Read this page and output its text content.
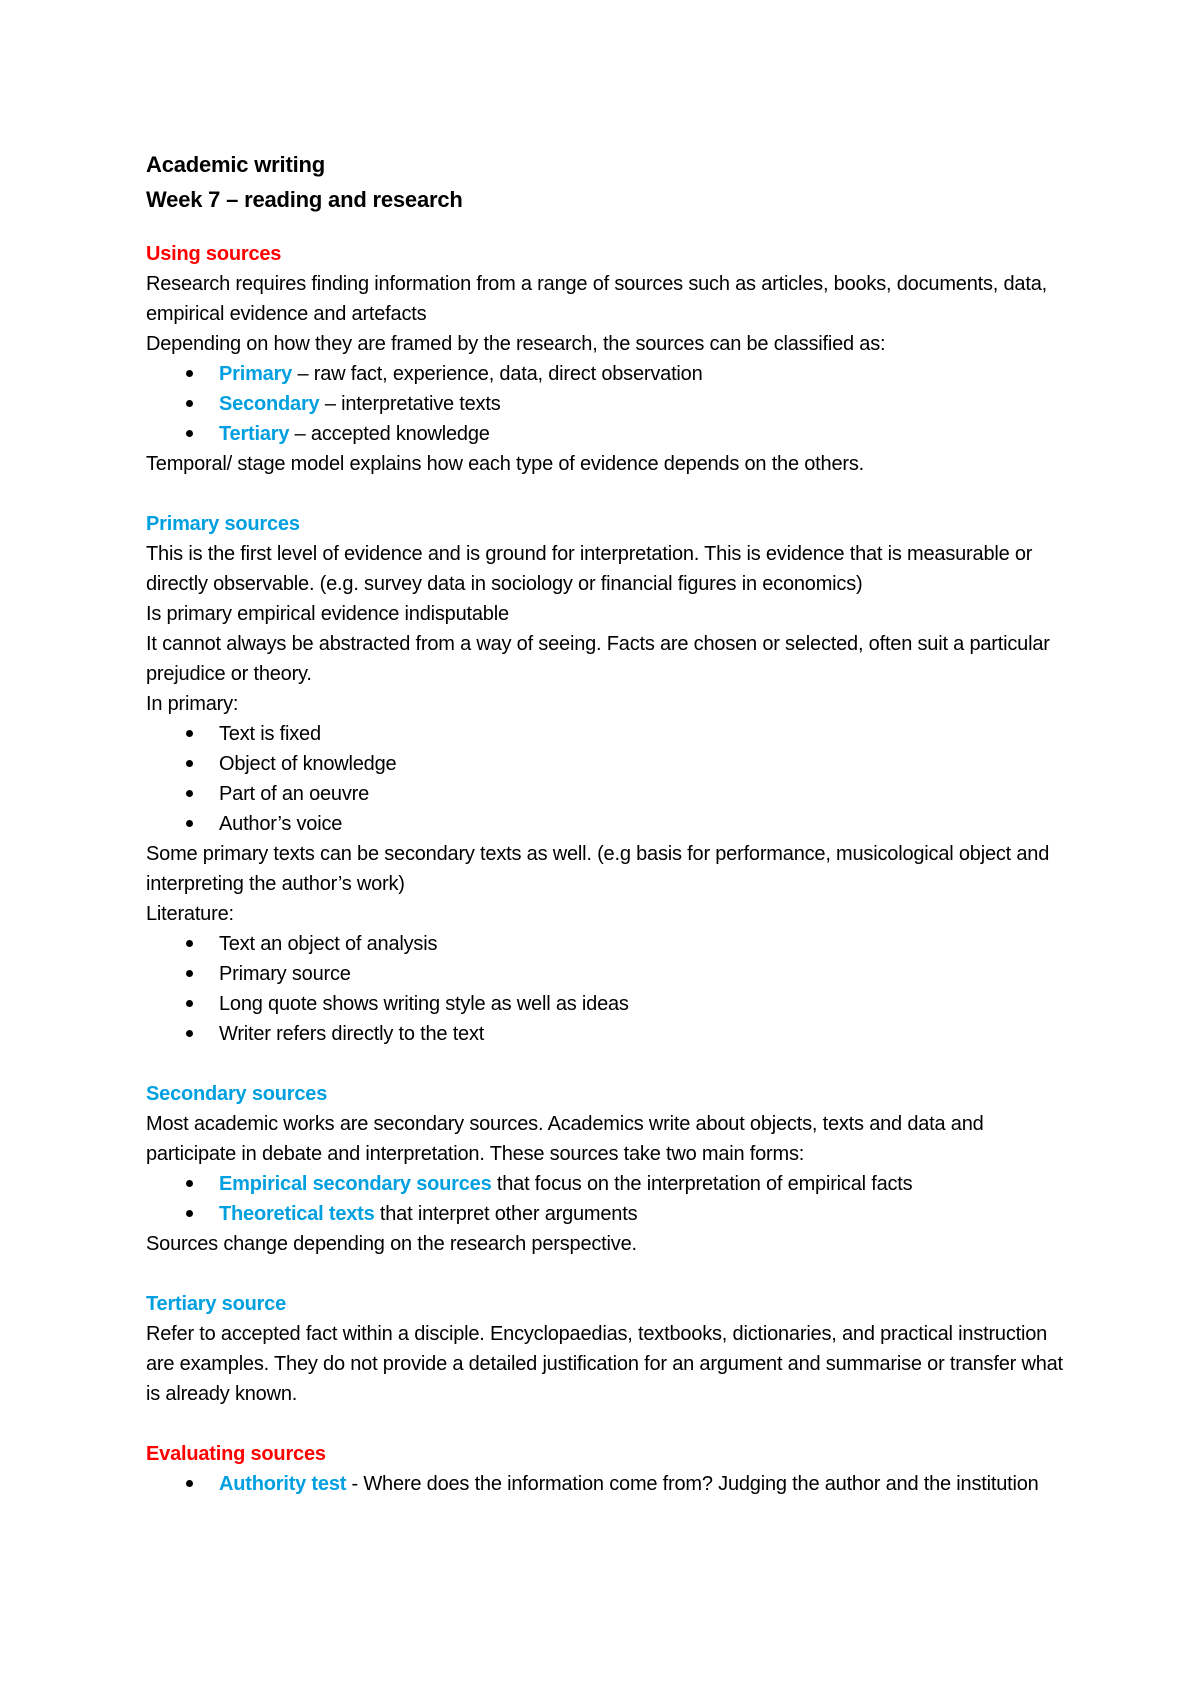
Academic writing
Week 7 – reading and research
Using sources
Research requires finding information from a range of sources such as articles, books, documents, data, empirical evidence and artefacts
Depending on how they are framed by the research, the sources can be classified as:
Primary – raw fact, experience, data, direct observation
Secondary – interpretative texts
Tertiary – accepted knowledge
Temporal/ stage model explains how each type of evidence depends on the others.
Primary sources
This is the first level of evidence and is ground for interpretation. This is evidence that is measurable or directly observable. (e.g. survey data in sociology or financial figures in economics)
Is primary empirical evidence indisputable
It cannot always be abstracted from a way of seeing. Facts are chosen or selected, often suit a particular prejudice or theory.
In primary:
Text is fixed
Object of knowledge
Part of an oeuvre
Author’s voice
Some primary texts can be secondary texts as well. (e.g basis for performance, musicological object and interpreting the author’s work)
Literature:
Text an object of analysis
Primary source
Long quote shows writing style as well as ideas
Writer refers directly to the text
Secondary sources
Most academic works are secondary sources. Academics write about objects, texts and data and participate in debate and interpretation. These sources take two main forms:
Empirical secondary sources that focus on the interpretation of empirical facts
Theoretical texts that interpret other arguments
Sources change depending on the research perspective.
Tertiary source
Refer to accepted fact within a disciple. Encyclopaedias, textbooks, dictionaries, and practical instruction are examples. They do not provide a detailed justification for an argument and summarise or transfer what is already known.
Evaluating sources
Authority test - Where does the information come from? Judging the author and the institution
